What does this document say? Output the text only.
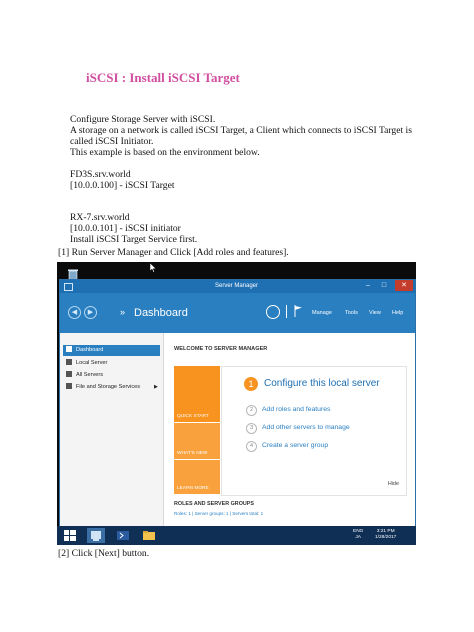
iSCSI : Install iSCSI Target
Configure Storage Server with iSCSI.
A storage on a network is called iSCSI Target, a Client which connects to iSCSI Target is
called iSCSI Initiator.
This example is based on the environment below.
FD3S.srv.world
[10.0.0.100] - iSCSI Target
RX-7.srv.world
[10.0.0.101] - iSCSI initiator
Install iSCSI Target Service first.
[1] Run Server Manager and Click [Add roles and features].
Server Manager	–	□	✕
◀	▶	» Dashboard	Manage Tools View Help
Dashboard
Local Server
All Servers
File and Storage Services	▶
WELCOME TO SERVER MANAGER
QUICK START
WHAT'S NEW
LEARN MORE
1	Configure this local server
2 Add roles and features
3 Add other servers to manage
4 Create a server group
Hide
ROLES AND SERVER GROUPS
Roles: 1 | Server groups: 1 | Servers total: 1
ENG
JA
3:21 PM
1/28/2017
[2] Click [Next] button.
